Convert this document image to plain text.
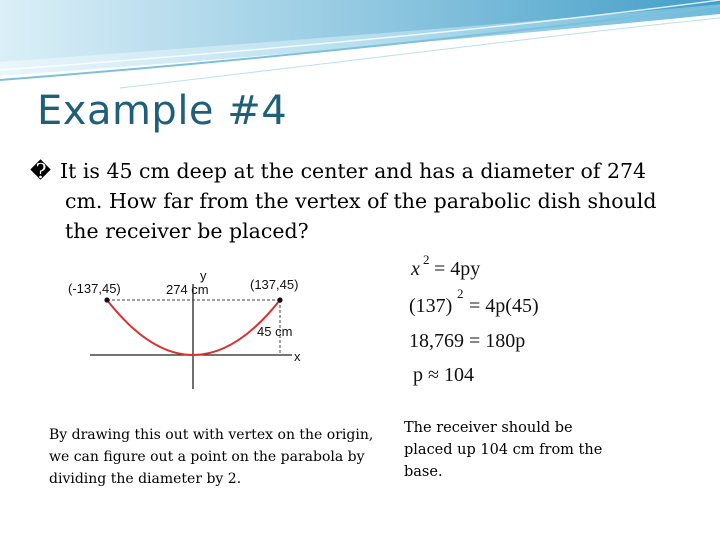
Example #4
� It is 45 cm deep at the center and has a diameter of 274 cm. How far from the vertex of the parabolic dish should the receiver be placed?
y
x
274 cm
45 cm
(-137,45)	(137,45)
x 2 = 4py
(137)
2
= 4p(45)
18,769 = 180p
p ≈ 104
By drawing this out with vertex on the origin, we can figure out a point on the parabola by dividing the diameter by 2.
The receiver should be placed up 104 cm from the base.
